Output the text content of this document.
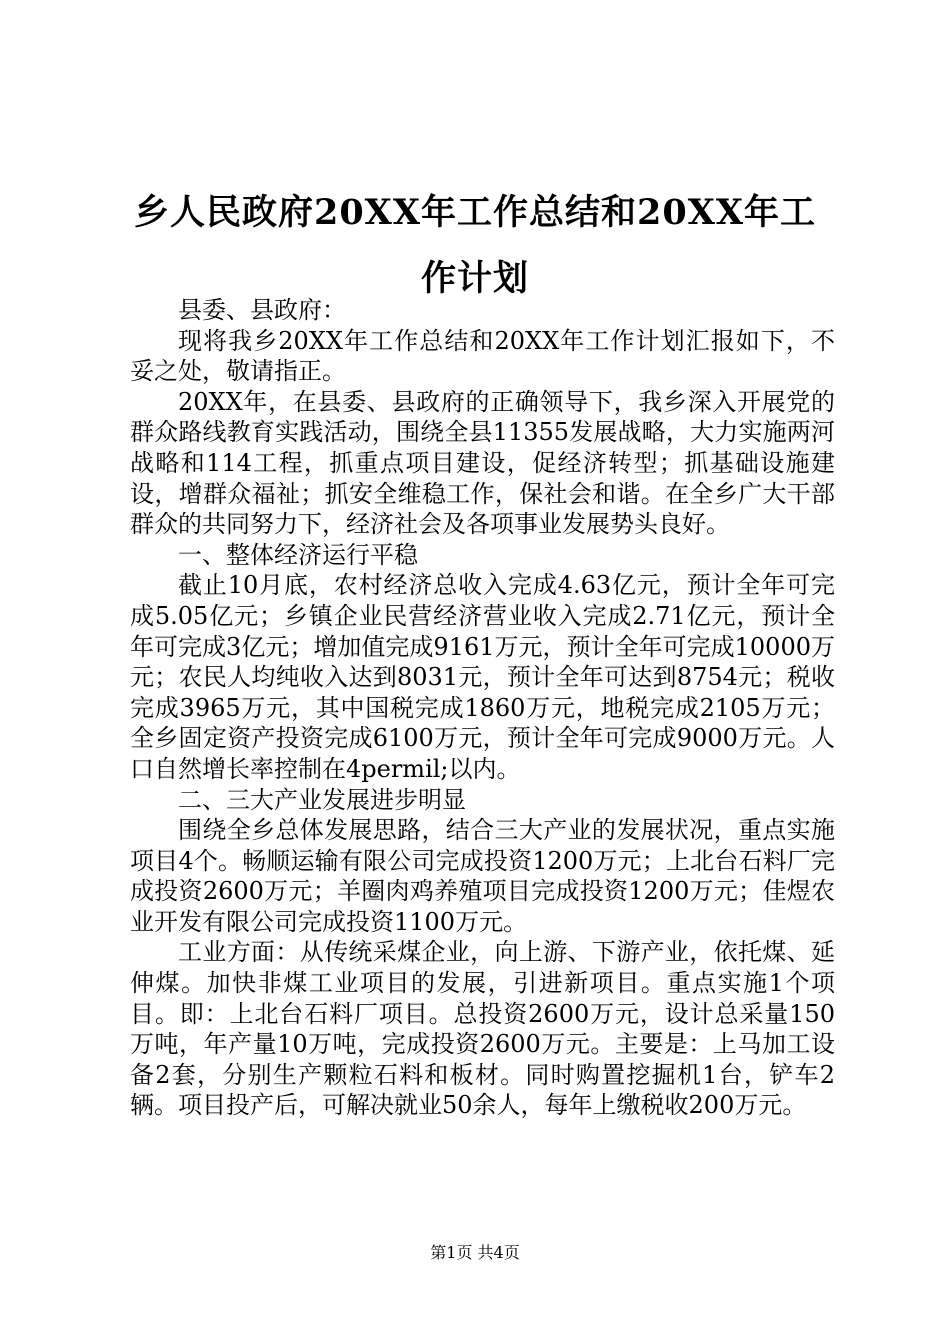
乡人民政府20XX年工作总结和20XX年工作计划

县委、县政府：

现将我乡20XX年工作总结和20XX年工作计划汇报如下，不妥之处，敬请指正。

20XX年，在县委、县政府的正确领导下，我乡深入开展党的群众路线教育实践活动，围绕全县11355发展战略，大力实施两河战略和114工程，抓重点项目建设，促经济转型；抓基础设施建设，增群众福祉；抓安全维稳工作，保社会和谐。在全乡广大干部群众的共同努力下，经济社会及各项事业发展势头良好。

一、整体经济运行平稳

截止10月底，农村经济总收入完成4.63亿元，预计全年可完成5.05亿元；乡镇企业民营经济营业收入完成2.71亿元，预计全年可完成3亿元；增加值完成9161万元，预计全年可完成10000万元；农民人均纯收入达到8031元，预计全年可达到8754元；税收完成3965万元，其中国税完成1860万元，地税完成2105万元；全乡固定资产投资完成6100万元，预计全年可完成9000万元。人口自然增长率控制在4permil;以内。

二、三大产业发展进步明显

围绕全乡总体发展思路，结合三大产业的发展状况，重点实施项目4个。畅顺运输有限公司完成投资1200万元；上北台石料厂完成投资2600万元；羊圈肉鸡养殖项目完成投资1200万元；佳煜农业开发有限公司完成投资1100万元。

工业方面：从传统采煤企业，向上游、下游产业，依托煤、延伸煤。加快非煤工业项目的发展，引进新项目。重点实施1个项目。即：上北台石料厂项目。总投资2600万元，设计总采量150万吨，年产量10万吨，完成投资2600万元。主要是：上马加工设备2套，分别生产颗粒石料和板材。同时购置挖掘机1台，铲车2辆。项目投产后，可解决就业50余人，每年上缴税收200万元。

第1页 共4页
